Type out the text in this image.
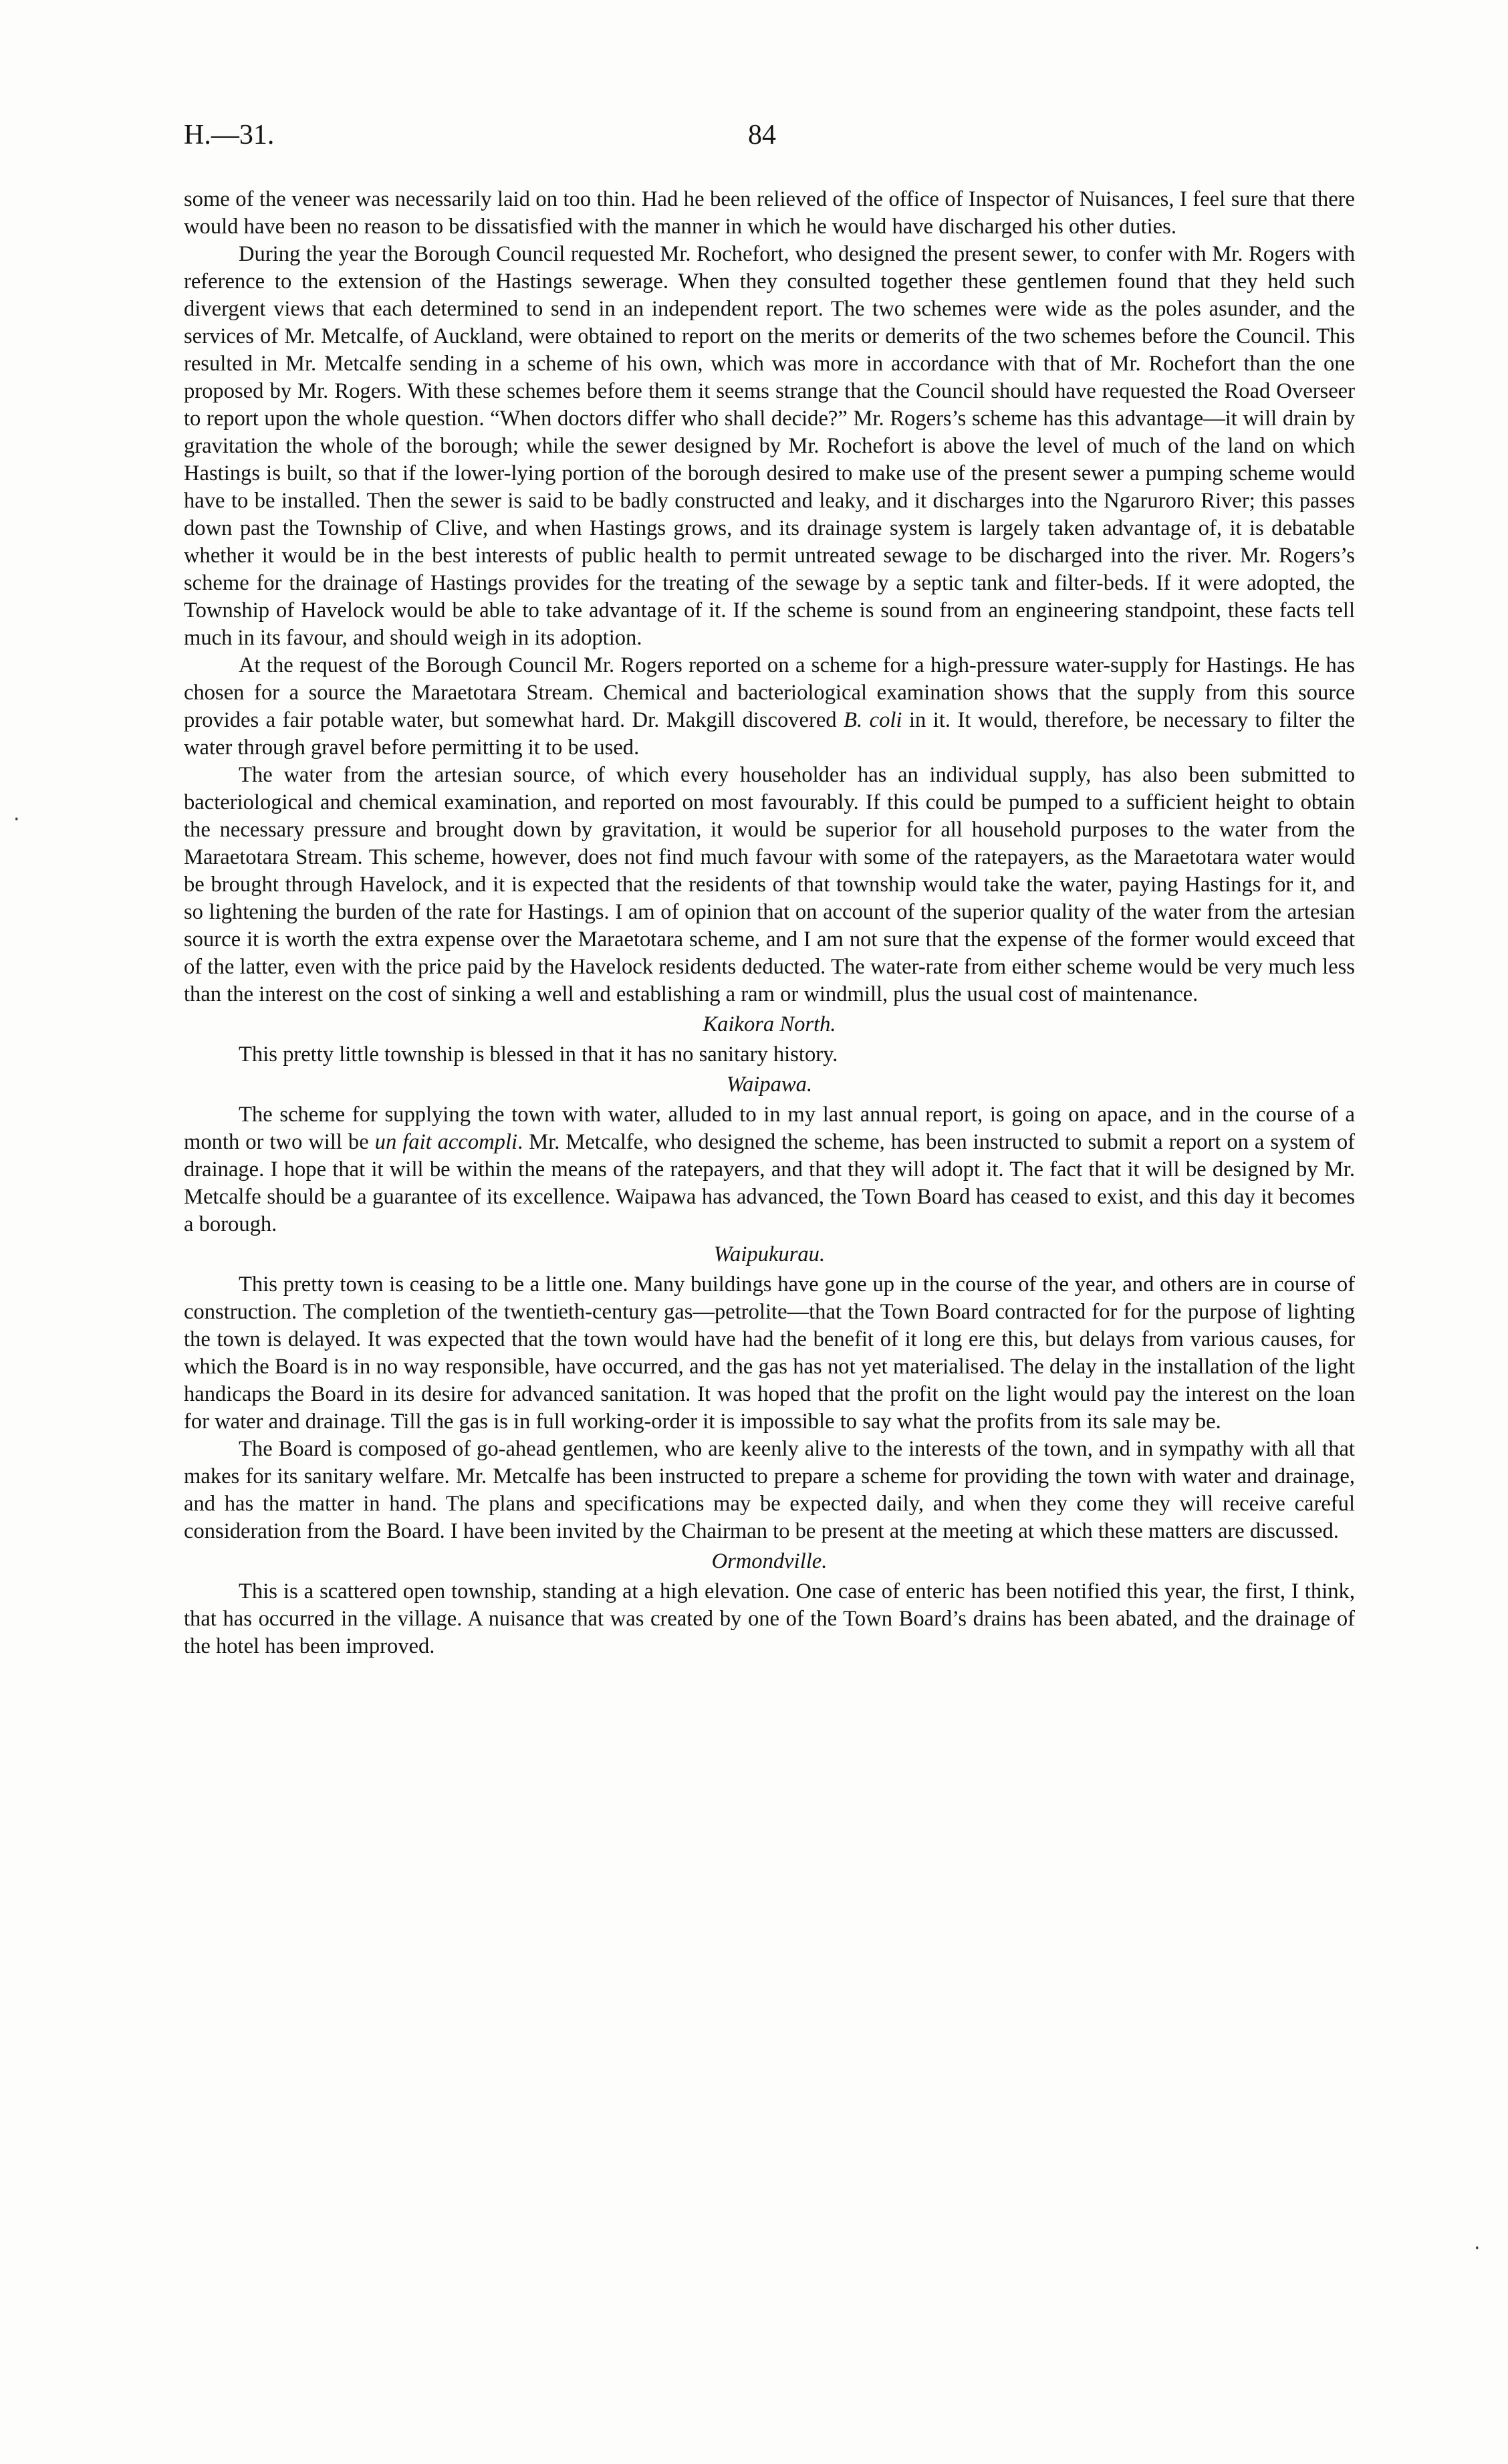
H.—31.	84

some of the veneer was necessarily laid on too thin. Had he been relieved of the office of Inspector of Nuisances, I feel sure that there would have been no reason to be dissatisfied with the manner in which he would have discharged his other duties.

During the year the Borough Council requested Mr. Rochefort, who designed the present sewer, to confer with Mr. Rogers with reference to the extension of the Hastings sewerage. When they consulted together these gentlemen found that they held such divergent views that each determined to send in an independent report. The two schemes were wide as the poles asunder, and the services of Mr. Metcalfe, of Auckland, were obtained to report on the merits or demerits of the two schemes before the Council. This resulted in Mr. Metcalfe sending in a scheme of his own, which was more in accordance with that of Mr. Rochefort than the one proposed by Mr. Rogers. With these schemes before them it seems strange that the Council should have requested the Road Overseer to report upon the whole question. “When doctors differ who shall decide?” Mr. Rogers’s scheme has this advantage—it will drain by gravitation the whole of the borough; while the sewer designed by Mr. Rochefort is above the level of much of the land on which Hastings is built, so that if the lower-lying portion of the borough desired to make use of the present sewer a pumping scheme would have to be installed. Then the sewer is said to be badly constructed and leaky, and it discharges into the Ngaruroro River; this passes down past the Township of Clive, and when Hastings grows, and its drainage system is largely taken advantage of, it is debatable whether it would be in the best interests of public health to permit untreated sewage to be discharged into the river. Mr. Rogers’s scheme for the drainage of Hastings provides for the treating of the sewage by a septic tank and filter-beds. If it were adopted, the Township of Havelock would be able to take advantage of it. If the scheme is sound from an engineering standpoint, these facts tell much in its favour, and should weigh in its adoption.

At the request of the Borough Council Mr. Rogers reported on a scheme for a high-pressure water-supply for Hastings. He has chosen for a source the Maraetotara Stream. Chemical and bacteriological examination shows that the supply from this source provides a fair potable water, but somewhat hard. Dr. Makgill discovered B. coli in it. It would, therefore, be necessary to filter the water through gravel before permitting it to be used.

The water from the artesian source, of which every householder has an individual supply, has also been submitted to bacteriological and chemical examination, and reported on most favourably. If this could be pumped to a sufficient height to obtain the necessary pressure and brought down by gravitation, it would be superior for all household purposes to the water from the Maraetotara Stream. This scheme, however, does not find much favour with some of the ratepayers, as the Maraetotara water would be brought through Havelock, and it is expected that the residents of that township would take the water, paying Hastings for it, and so lightening the burden of the rate for Hastings. I am of opinion that on account of the superior quality of the water from the artesian source it is worth the extra expense over the Maraetotara scheme, and I am not sure that the expense of the former would exceed that of the latter, even with the price paid by the Havelock residents deducted. The water-rate from either scheme would be very much less than the interest on the cost of sinking a well and establishing a ram or windmill, plus the usual cost of maintenance.

Kaikora North.

This pretty little township is blessed in that it has no sanitary history.

Waipawa.

The scheme for supplying the town with water, alluded to in my last annual report, is going on apace, and in the course of a month or two will be un fait accompli. Mr. Metcalfe, who designed the scheme, has been instructed to submit a report on a system of drainage. I hope that it will be within the means of the ratepayers, and that they will adopt it. The fact that it will be designed by Mr. Metcalfe should be a guarantee of its excellence. Waipawa has advanced, the Town Board has ceased to exist, and this day it becomes a borough.

Waipukurau.

This pretty town is ceasing to be a little one. Many buildings have gone up in the course of the year, and others are in course of construction. The completion of the twentieth-century gas—petrolite—that the Town Board contracted for for the purpose of lighting the town is delayed. It was expected that the town would have had the benefit of it long ere this, but delays from various causes, for which the Board is in no way responsible, have occurred, and the gas has not yet materialised. The delay in the installation of the light handicaps the Board in its desire for advanced sanitation. It was hoped that the profit on the light would pay the interest on the loan for water and drainage. Till the gas is in full working-order it is impossible to say what the profits from its sale may be.

The Board is composed of go-ahead gentlemen, who are keenly alive to the interests of the town, and in sympathy with all that makes for its sanitary welfare. Mr. Metcalfe has been instructed to prepare a scheme for providing the town with water and drainage, and has the matter in hand. The plans and specifications may be expected daily, and when they come they will receive careful consideration from the Board. I have been invited by the Chairman to be present at the meeting at which these matters are discussed.

Ormondville.

This is a scattered open township, standing at a high elevation. One case of enteric has been notified this year, the first, I think, that has occurred in the village. A nuisance that was created by one of the Town Board’s drains has been abated, and the drainage of the hotel has been improved.

·
·
